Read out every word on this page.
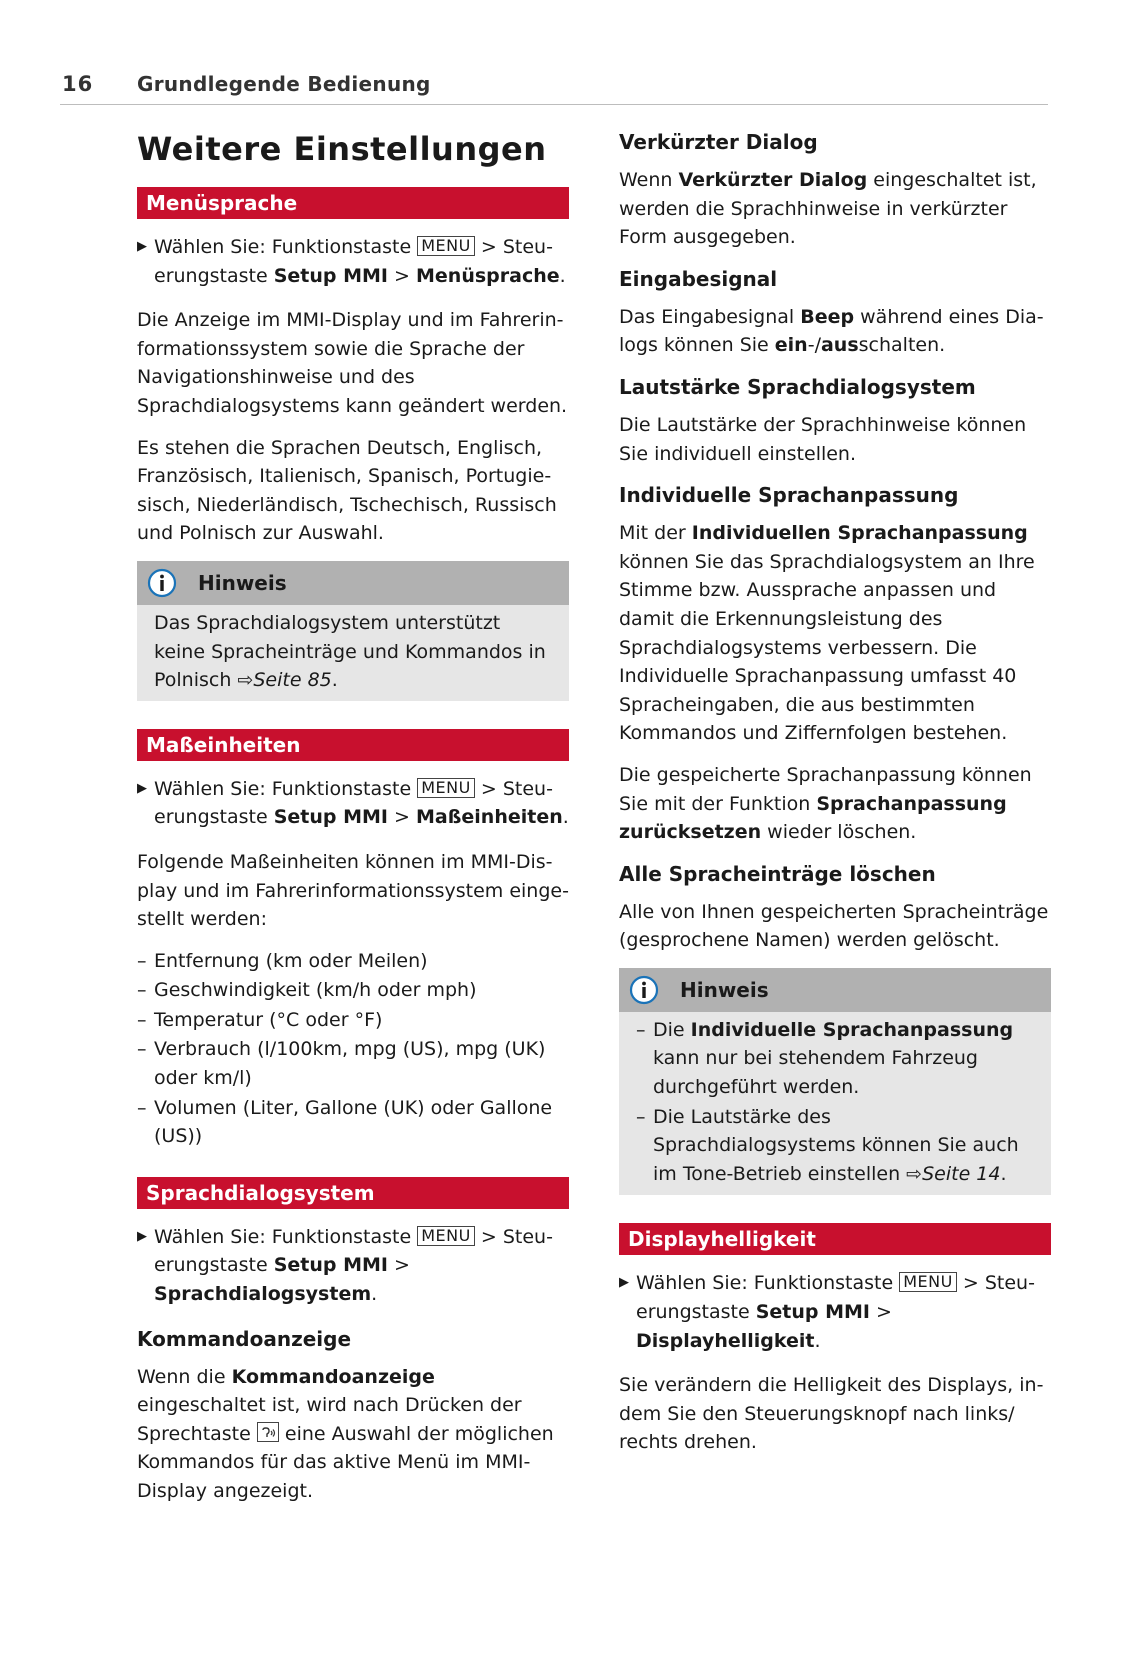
16 Grundlegende Bedienung
Weitere Einstellungen
Menüsprache
▶ Wählen Sie: Funktionstaste MENU > Steuerungstaste Setup MMI > Menüsprache.

Die Anzeige im MMI-Display und im Fahrerinformationssystem sowie die Sprache der Navigationshinweise und des Sprachdialogsystems kann geändert werden.

Es stehen die Sprachen Deutsch, Englisch, Französisch, Italienisch, Spanisch, Portugiesisch, Niederländisch, Tschechisch, Russisch und Polnisch zur Auswahl.

Hinweis
Das Sprachdialogsystem unterstützt keine Spracheinträge und Kommandos in Polnisch ⇨Seite 85.
Maßeinheiten
▶ Wählen Sie: Funktionstaste MENU > Steuerungstaste Setup MMI > Maßeinheiten.

Folgende Maßeinheiten können im MMI-Display und im Fahrerinformationssystem eingestellt werden:

– Entfernung (km oder Meilen)
– Geschwindigkeit (km/h oder mph)
– Temperatur (°C oder °F)
– Verbrauch (l/100km, mpg (US), mpg (UK) oder km/l)
– Volumen (Liter, Gallone (UK) oder Gallone (US))
Sprachdialogsystem
▶ Wählen Sie: Funktionstaste MENU > Steuerungstaste Setup MMI > Sprachdialogsystem.
Kommandoanzeige

Wenn die Kommandoanzeige eingeschaltet ist, wird nach Drücken der Sprechtaste  eine Auswahl der möglichen Kommandos für das aktive Menü im MMI-Display angezeigt.

Verkürzter Dialog

Wenn Verkürzter Dialog eingeschaltet ist, werden die Sprachhinweise in verkürzter Form ausgegeben.

Eingabesignal

Das Eingabesignal Beep während eines Dialogs können Sie ein-/ausschalten.

Lautstärke Sprachdialogsystem

Die Lautstärke der Sprachhinweise können Sie individuell einstellen.

Individuelle Sprachanpassung

Mit der Individuellen Sprachanpassung können Sie das Sprachdialogsystem an Ihre Stimme bzw. Aussprache anpassen und damit die Erkennungsleistung des Sprachdialogsystems verbessern. Die Individuelle Sprachanpassung umfasst 40 Spracheingaben, die aus bestimmten Kommandos und Ziffernfolgen bestehen.

Die gespeicherte Sprachanpassung können Sie mit der Funktion Sprachanpassung zurücksetzen wieder löschen.

Alle Spracheinträge löschen

Alle von Ihnen gespeicherten Spracheinträge (gesprochene Namen) werden gelöscht.

Hinweis
– Die Individuelle Sprachanpassung kann nur bei stehendem Fahrzeug durchgeführt werden.
– Die Lautstärke des Sprachdialogsystems können Sie auch im Tone-Betrieb einstellen ⇨Seite 14.
Displayhelligkeit
▶ Wählen Sie: Funktionstaste MENU > Steuerungstaste Setup MMI > Displayhelligkeit.

Sie verändern die Helligkeit des Displays, indem Sie den Steuerungsknopf nach links/ rechts drehen.
